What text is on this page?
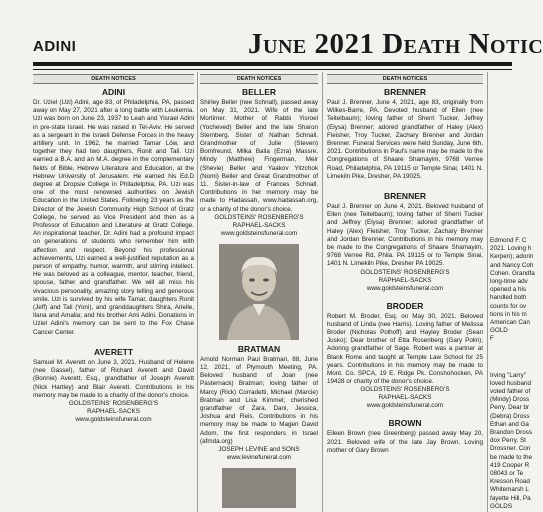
ADINI	June 2021 Death Notic
DEATH NOTICES
ADINI

Dr. Uziel (Uzi) Adini, age 83, of Philadelphia, PA, passed away on May 27, 2021 after a long battle with Leukemia. Uzi was born on June 23, 1937 to Leah and Yisrael Adini in pre-state Israel. He was raised in Tel-Aviv. He served as a sergeant in the Israeli Defense Forces in the heavy artillery unit. In 1962, he married Tamar Löw, and together they had two daughters, Ronit and Tali. Uzi earned a B.A. and an M.A. degree in the complementary fields of Bible, Hebrew Literature and Education, at the Hebrew University of Jerusalem. He earned his Ed.D degree at Dropsie College in Philadelphia, PA. Uzi was one of the most renowned authorities on Jewish Education in the United States. Following 23 years as the Director of the Jewish Community High School of Gratz College, he served as Vice President and then as a Professor of Education and Literature at Gratz College. An inspirational teacher, Dr. Adini had a profound impact on generations of students who remember him with affection and respect. Beyond his professional achievements, Uzi earned a well-justified reputation as a person of empathy, humor, warmth, and stirring intellect. He was beloved as a colleague, mentor, teacher, friend, spouse, father and grandfather. We will all miss his vivacious personality, amazing story telling and generous smile. Uzi is survived by his wife Tamar, daughters Ronit (Jeff) and Tali (Yoni), and granddaughters Shira, Arielle, Ilana and Amalia; and his brother Ami Adini. Donations in Uziel Adini's memory can be sent to the Fox Chase Cancer Center.

AVERETT

Samuel M. Averett on June 3, 2021. Husband of Helene (nee Gassel), father of Richard Averett and David (Bonnie) Averett, Esq., grandfather of Joseph Averett (Nick Hartley) and Blair Averett. Contributions in his memory may be made to a charity of the donor's choice.

GOLDSTEINS' ROSENBERG'S
RAPHAEL-SACKS
www.goldsteinsfuneral.com
DEATH NOTICES
BELLER

Shirley Beller (nee Schnall), passed away on May 31, 2021. Wife of the late Mortimer. Mother of Rabbi Yisroel (Yocheved) Beller and the late Sharon Sternberg. Sister of Nathan Schnall. Grandmother of Julie (Steven) Bomfreund, Milka Baila (Ezra) Massre, Mindy (Matthew) Fingerman, Meir (Shevie) Beller and Yaakov Yitzchok (Nomi) Beller and Great Grandmother of 11. Sister-in-law of Frances Schnall. Contributions in her memory may be made to Hadassah, www.hadassah.org, or a charity of the donor's choice.

GOLDSTEINS' ROSENBERG'S
RAPHAEL-SACKS
www.goldsteinsfuneral.com
BRATMAN

Arnold Norman Paul Bratman, 88, June 12, 2021, of Plymouth Meeting, PA. Beloved husband of Joan (nee Pasternack) Bratman; loving father of Marcy (Rick) Corradetti, Michael (Marcie) Bratman and Lisa Kimmel; cherished grandfather of Zara, Dani, Jessica, Joshua and Reis. Contributions in his memory may be made to Magen David Adom, the first responders in Israel (afmda.org)

JOSEPH LEVINE and SONS
www.levinefuneral.com
DEATH NOTICES
BRENNER

Paul J. Brenner, June 4, 2021, age 83, originally from Wilkes-Barre, PA. Devoted husband of Ellen (nee Teitelbaum); loving father of Sherri Tucker, Jeffrey (Elysa) Brenner; adored grandfather of Haley (Alex) Fleisher, Troy Tucker, Zachary Brenner and Jordan Brenner. Funeral Services were held Sunday, June 6th, 2021. Contributions in Paul's name may be made to the Congregations of Shaare Shamayim, 9768 Verree Road, Philadelphia, PA 19115 or Temple Sinai, 1401 N. Limekiln Pike, Dresher, PA 19025.

BRENNER

Paul J. Brenner on June 4, 2021. Beloved husband of Ellen (nee Teitelbaum); loving father of Sherri Tucker and Jeffrey (Elysa) Brenner; adored grandfather of Haley (Alex) Fleisher, Troy Tucker, Zachary Brenner and Jordan Brenner. Contributions in his memory may be made to the Congregations of Shaare Shamayim, 9768 Verree Rd, Phila. PA 19115 or to Temple Sinai, 1401 N. Limekiln Pike, Dresher PA 19025.

GOLDSTEINS' ROSENBERG'S
RAPHAEL-SACKS
www.goldsteinsfuneral.com
BRODER

Robert M. Broder, Esq. on May 30, 2021. Beloved husband of Linda (nee Harris). Loving father of Melissa Broder (Nicholas Polhoff) and Hayley Broder (Sean Jusko); Dear brother of Etta Rosenberg (Gary Polin); Adoring grandfather of Sage. Robert was a partner at Blank Rome and taught at Temple Law School for 25 years. Contributions in his memory may be made to Mont. Co. SPCA, 19 E. Ridge Pk. Conshohocken, PA 19428 or charity of the donor's choice.

GOLDSTEINS' ROSENBERG'S
RAPHAEL-SACKS
www.goldsteinsfuneral.com
BROWN

Eileen Brown (nee Greenberg) passed away May 20, 2021. Beloved wife of the late Jay Brown. Loving mother of Gary Brown

Edmond F. C

2021. Loving h

Kerpen); adorin

and Nancy Coh

Cohen. Grandfa

long-time adv

opened a his

handled both

counts for ov

tions in his m

American Can

GOLD

F

Irving "Larry"

loved husband

voted father of

(Mindy) Dross

Perry. Dear br

(Debra) Dross

Ethan and Ga

Brandon Dross

dox Perry. St

Drossner. Con

be made to the

419 Cooper R

08043 or Te

Kresson Road

Whitemarsh L

fayette Hill, Pa

GOLDS
